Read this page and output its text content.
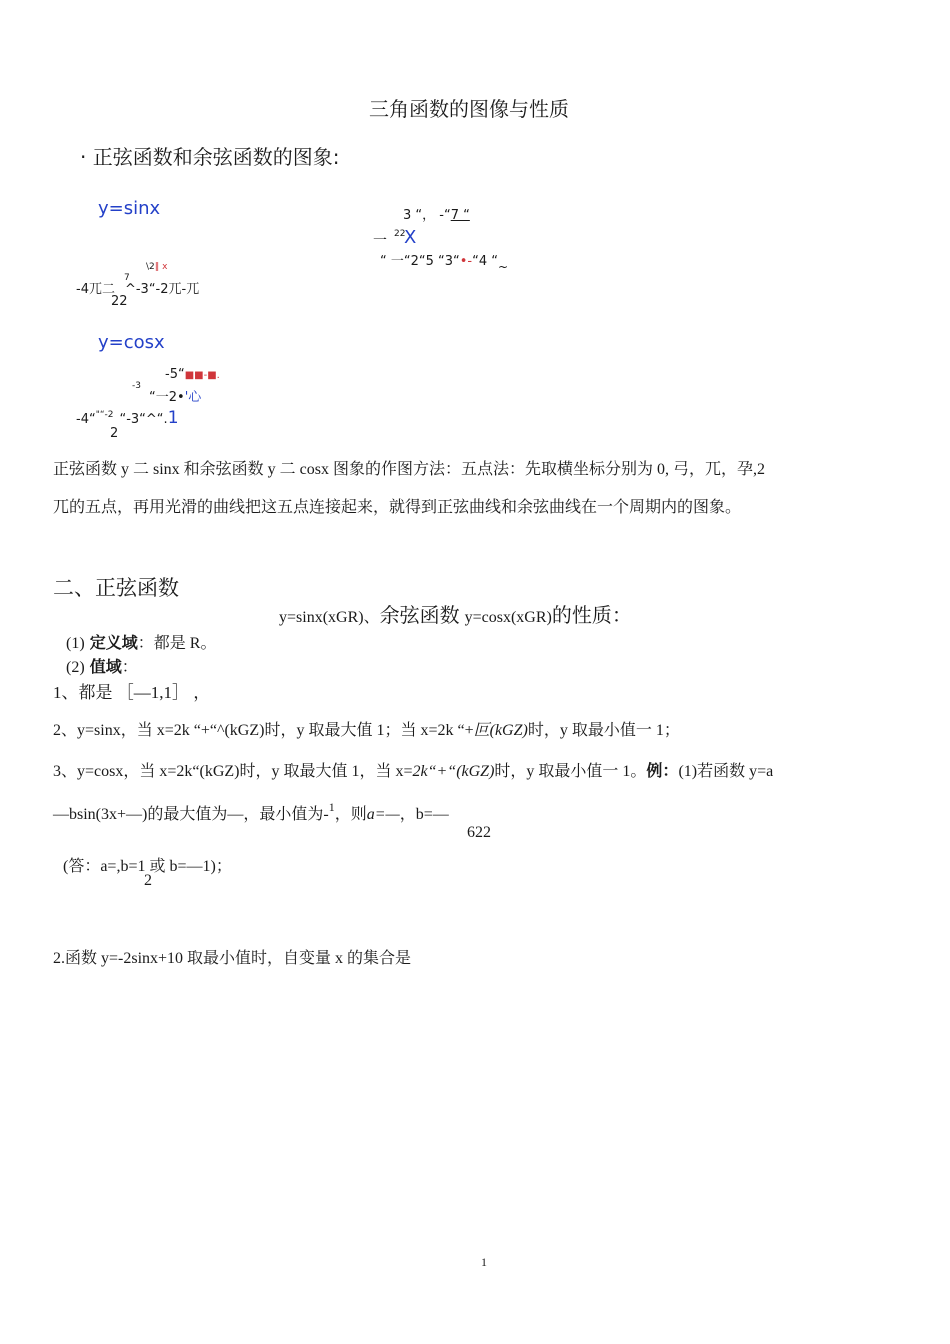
三角函数的图像与性质
· 正弦函数和余弦函数的图象:
y=sinx	3 “， -“7 “
一 22
X
“ 一“2“5 “3“•-“4 “ ~
\2‖ x
7
-4兀二 ^-3“-2兀-兀
22
y=cosx
-5“■■-■.
-3
“一2•'心
-4“$^{"“-2}$ “-3“^“.1
2
正弦函数 y 二 sinx 和余弦函数 y 二 cosx 图象的作图方法：五点法：先取横坐标分别为 0, 弓，兀，孕,2
兀的五点，再用光滑的曲线把这五点连接起来，就得到正弦曲线和余弦曲线在一个周期内的图象。
二、正弦函数
y=sinx(xGR)、余弦函数 y=cosx(xGR)的性质：
(1) 定义域：都是 R。
(2) 值域：
1、都是 ［—1,1］ ，
2、y=sinx，当 x=2k “+“^(kGZ)时，y 取最大值 1；当 x=2k “+叵(kGZ)时，y 取最小值一 1；
3、y=cosx，当 x=2k“(kGZ)时，y 取最大值 1，当 x=2k“+“(kGZ)时，y 取最小值一 1。例：(1)若函数 y=a
—bsin(3x+—)的最大值为—，最小值为-$^1$，则a=—，b=—
622
(答：a=,b=1 或 b=—1)；
2
2.函数 y=-2sinx+10 取最小值时，自变量 x 的集合是
1
